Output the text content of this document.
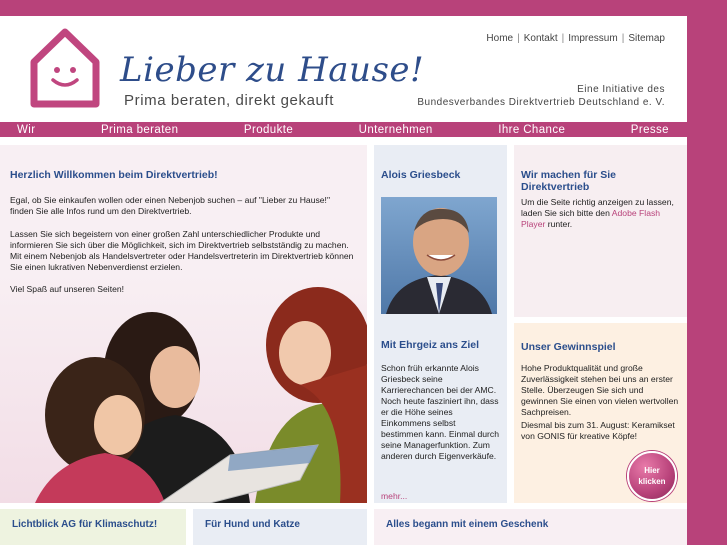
Lieber zu Hause!
Prima beraten, direkt gekauft
Home | Kontakt | Impressum | Sitemap
Eine Initiative des
Bundesverbandes Direktvertrieb Deutschland e. V.
Wir	Prima beraten	Produkte	Unternehmen	Ihre Chance	Presse
Herzlich Willkommen beim Direktvertrieb!

Egal, ob Sie einkaufen wollen oder einen Nebenjob suchen – auf "Lieber zu Hause!" finden Sie alle Infos rund um den Direktvertrieb.

Lassen Sie sich begeistern von einer großen Zahl unterschiedlicher Produkte und informieren Sie sich über die Möglichkeit, sich im Direktvertrieb selbstständig zu machen. Mit einem Nebenjob als Handelsvertreter oder Handelsvertreterin im Direktvertrieb können Sie einen lukrativen Nebenverdienst erzielen.

Viel Spaß auf unseren Seiten!

Alois Griesbeck
Mit Ehrgeiz ans Ziel

Schon früh erkannte Alois Griesbeck seine Karrierechancen bei der AMC. Noch heute fasziniert ihn, dass er die Höhe seines Einkommens selbst bestimmen kann. Einmal durch seine Managerfunktion. Zum anderen durch Eigenverkäufe.

mehr...
Wir machen für Sie Direktvertrieb

Um die Seite richtig anzeigen zu lassen, laden Sie sich bitte den Adobe Flash Player runter.

Unser Gewinnspiel

Hohe Produktqualität und große Zuverlässigkeit stehen bei uns an erster Stelle. Überzeugen Sie sich und gewinnen Sie einen von vielen wertvollen Sachpreisen.

Diesmal bis zum 31. August: Keramikset von GONIS für kreative Köpfe!

Hier
klicken
Lichtblick AG für Klimaschutz!	Für Hund und Katze	Alles begann mit einem Geschenk
